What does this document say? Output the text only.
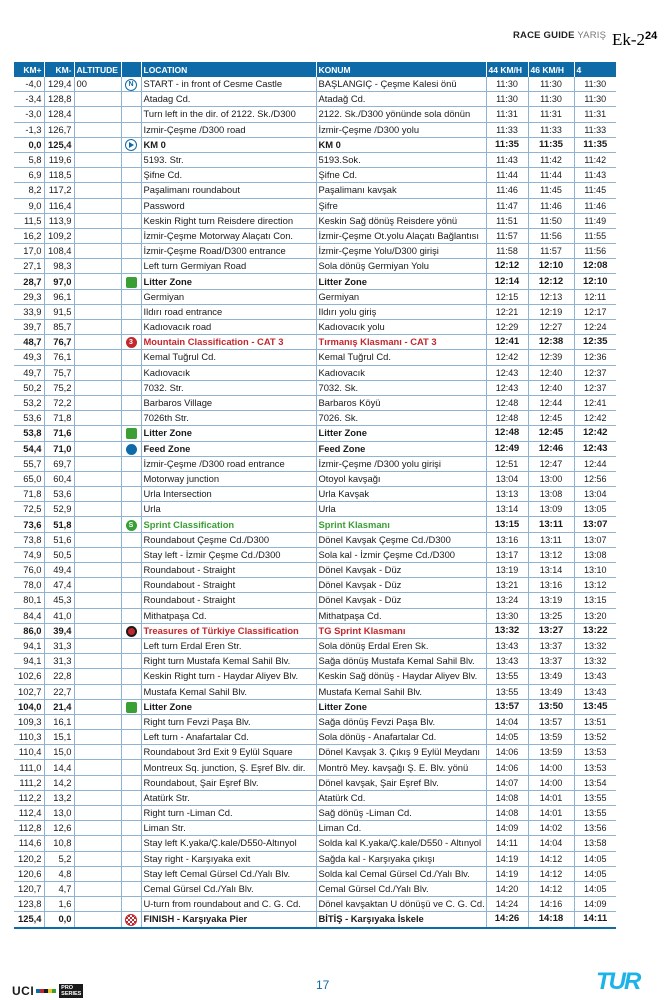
RACE GUIDE YARIŞ $Ek-2^{24}$
KM+	KM-	ALTITUDE		LOCATION	KONUM	44 KM/H	46 KM/H	4
-4,0	129,4	00	N	START - in front of Cesme Castle	BAŞLANGIÇ - Çeşme Kalesi önü	11:30	11:30	11:30
-3,4	128,8			Atadag Cd.	Atadağ Cd.	11:30	11:30	11:30
-3,0	128,4			Turn left in the dir. of 2122. Sk./D300	2122. Sk./D300 yönünde sola dönün	11:31	11:31	11:31
-1,3	126,7			Izmir-Çeşme /D300 road	İzmir-Çeşme /D300 yolu	11:33	11:33	11:33
0,0	125,4			KM 0	KM 0	11:35	11:35	11:35
5,8	119,6			5193. Str.	5193.Sok.	11:43	11:42	11:42
6,9	118,5			Şifne Cd.	Şifne Cd.	11:44	11:44	11:43
8,2	117,2			Paşalimanı roundabout	Paşalimanı kavşak	11:46	11:45	11:45
9,0	116,4			Password	Şifre	11:47	11:46	11:46
11,5	113,9			Keskin Right turn Reisdere direction	Keskin Sağ dönüş Reisdere yönü	11:51	11:50	11:49
16,2	109,2			İzmir-Çeşme Motorway Alaçatı Con.	İzmir-Çeşme Ot.yolu Alaçatı Bağlantısı	11:57	11:56	11:55
17,0	108,4			İzmir-Çeşme Road/D300 entrance	İzmir-Çeşme Yolu/D300 girişi	11:58	11:57	11:56
27,1	98,3			Left turn Germiyan Road	Sola dönüş Germiyan Yolu	12:12	12:10	12:08
28,7	97,0			Litter Zone	Litter Zone	12:14	12:12	12:10
29,3	96,1			Germiyan	Germiyan	12:15	12:13	12:11
33,9	91,5			Ildırı road entrance	Ildırı yolu giriş	12:21	12:19	12:17
39,7	85,7			Kadıovacık road	Kadıovacık yolu	12:29	12:27	12:24
48,7	76,7		3	Mountain Classification - CAT 3	Tırmanış Klasmanı - CAT 3	12:41	12:38	12:35
49,3	76,1			Kemal Tuğrul Cd.	Kemal Tuğrul Cd.	12:42	12:39	12:36
49,7	75,7			Kadıovacık	Kadıovacık	12:43	12:40	12:37
50,2	75,2			7032. Str.	7032. Sk.	12:43	12:40	12:37
53,2	72,2			Barbaros Village	Barbaros Köyü	12:48	12:44	12:41
53,6	71,8			7026th Str.	7026. Sk.	12:48	12:45	12:42
53,8	71,6			Litter Zone	Litter Zone	12:48	12:45	12:42
54,4	71,0			Feed Zone	Feed Zone	12:49	12:46	12:43
55,7	69,7			İzmir-Çeşme /D300 road entrance	İzmir-Çeşme /D300 yolu girişi	12:51	12:47	12:44
65,0	60,4			Motorway junction	Otoyol kavşağı	13:04	13:00	12:56
71,8	53,6			Urla Intersection	Urla Kavşak	13:13	13:08	13:04
72,5	52,9			Urla	Urla	13:14	13:09	13:05
73,6	51,8		S	Sprint Classification	Sprint Klasmanı	13:15	13:11	13:07
73,8	51,6			Roundabout Çeşme Cd./D300	Dönel Kavşak Çeşme Cd./D300	13:16	13:11	13:07
74,9	50,5			Stay left - İzmir Çeşme Cd./D300	Sola kal - İzmir Çeşme Cd./D300	13:17	13:12	13:08
76,0	49,4			Roundabout - Straight	Dönel Kavşak - Düz	13:19	13:14	13:10
78,0	47,4			Roundabout - Straight	Dönel Kavşak - Düz	13:21	13:16	13:12
80,1	45,3			Roundabout - Straight	Dönel Kavşak - Düz	13:24	13:19	13:15
84,4	41,0			Mithatpaşa Cd.	Mithatpaşa Cd.	13:30	13:25	13:20
86,0	39,4			Treasures of Türkiye Classification	TG Sprint Klasmanı	13:32	13:27	13:22
94,1	31,3			Left turn Erdal Eren Str.	Sola dönüş Erdal Eren Sk.	13:43	13:37	13:32
94,1	31,3			Right turn Mustafa Kemal Sahil Blv.	Sağa dönüş Mustafa Kemal Sahil Blv.	13:43	13:37	13:32
102,6	22,8			Keskin Right turn - Haydar Aliyev Blv.	Keskin Sağ dönüş - Haydar Aliyev Blv.	13:55	13:49	13:43
102,7	22,7			Mustafa Kemal Sahil Blv.	Mustafa Kemal Sahil Blv.	13:55	13:49	13:43
104,0	21,4			Litter Zone	Litter Zone	13:57	13:50	13:45
109,3	16,1			Right turn Fevzi Paşa Blv.	Sağa dönüş Fevzi Paşa Blv.	14:04	13:57	13:51
110,3	15,1			Left turn - Anafartalar Cd.	Sola dönüş - Anafartalar Cd.	14:05	13:59	13:52
110,4	15,0			Roundabout 3rd Exit 9 Eylül Square	Dönel Kavşak 3. Çıkış 9 Eylül Meydanı	14:06	13:59	13:53
111,0	14,4			Montreux Sq. junction, Ş. Eşref Blv. dir.	Montrö Mey. kavşağı Ş. E. Blv. yönü	14:06	14:00	13:53
111,2	14,2			Roundabout, Şair Eşref Blv.	Dönel kavşak, Şair Eşref Blv.	14:07	14:00	13:54
112,2	13,2			Atatürk Str.	Atatürk Cd.	14:08	14:01	13:55
112,4	13,0			Right turn -Liman Cd.	Sağ dönüş -Liman Cd.	14:08	14:01	13:55
112,8	12,6			Liman Str.	Liman Cd.	14:09	14:02	13:56
114,6	10,8			Stay left K.yaka/Ç.kale/D550-Altınyol	Solda kal K.yaka/Ç.kale/D550 - Altınyol	14:11	14:04	13:58
120,2	5,2			Stay right - Karşıyaka exit	Sağda kal - Karşıyaka çıkışı	14:19	14:12	14:05
120,6	4,8			Stay left Cemal Gürsel Cd./Yalı Blv.	Solda kal Cemal Gürsel Cd./Yalı Blv.	14:19	14:12	14:05
120,7	4,7			Cemal Gürsel Cd./Yalı Blv.	Cemal Gürsel Cd./Yalı Blv.	14:20	14:12	14:05
123,8	1,6			U-turn from roundabout and C. G. Cd.	Dönel kavşaktan U dönüşü ve C. G. Cd.	14:24	14:16	14:09
125,4	0,0			FINISH - Karşıyaka Pier	BİTİŞ - Karşıyaka İskele	14:26	14:18	14:11
UCI	PRO
SERIES
17	TUR
